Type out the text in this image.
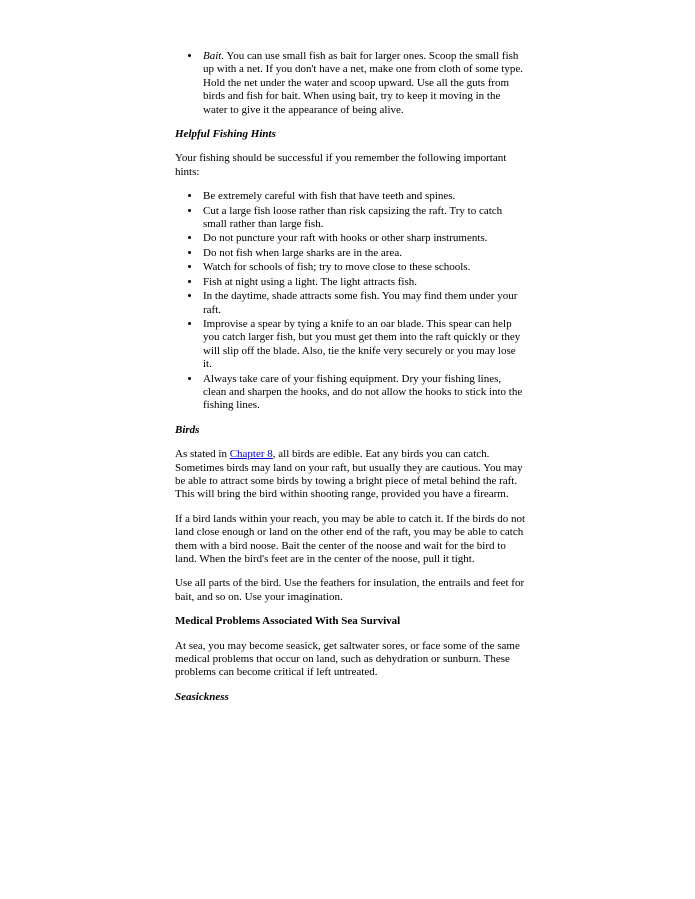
• Bait. You can use small fish as bait for larger ones. Scoop the small fish up with a net. If you don't have a net, make one from cloth of some type. Hold the net under the water and scoop upward. Use all the guts from birds and fish for bait. When using bait, try to keep it moving in the water to give it the appearance of being alive.
Helpful Fishing Hints

Your fishing should be successful if you remember the following important hints:

• Be extremely careful with fish that have teeth and spines.
• Cut a large fish loose rather than risk capsizing the raft. Try to catch small rather than large fish.
• Do not puncture your raft with hooks or other sharp instruments.
• Do not fish when large sharks are in the area.
• Watch for schools of fish; try to move close to these schools.
• Fish at night using a light. The light attracts fish.
• In the daytime, shade attracts some fish. You may find them under your raft.
• Improvise a spear by tying a knife to an oar blade. This spear can help you catch larger fish, but you must get them into the raft quickly or they will slip off the blade. Also, tie the knife very securely or you may lose it.
• Always take care of your fishing equipment. Dry your fishing lines, clean and sharpen the hooks, and do not allow the hooks to stick into the fishing lines.
Birds

As stated in Chapter 8, all birds are edible. Eat any birds you can catch. Sometimes birds may land on your raft, but usually they are cautious. You may be able to attract some birds by towing a bright piece of metal behind the raft. This will bring the bird within shooting range, provided you have a firearm.

If a bird lands within your reach, you may be able to catch it. If the birds do not land close enough or land on the other end of the raft, you may be able to catch them with a bird noose. Bait the center of the noose and wait for the bird to land. When the bird's feet are in the center of the noose, pull it tight.

Use all parts of the bird. Use the feathers for insulation, the entrails and feet for bait, and so on. Use your imagination.

Medical Problems Associated With Sea Survival

At sea, you may become seasick, get saltwater sores, or face some of the same medical problems that occur on land, such as dehydration or sunburn. These problems can become critical if left untreated.

Seasickness
